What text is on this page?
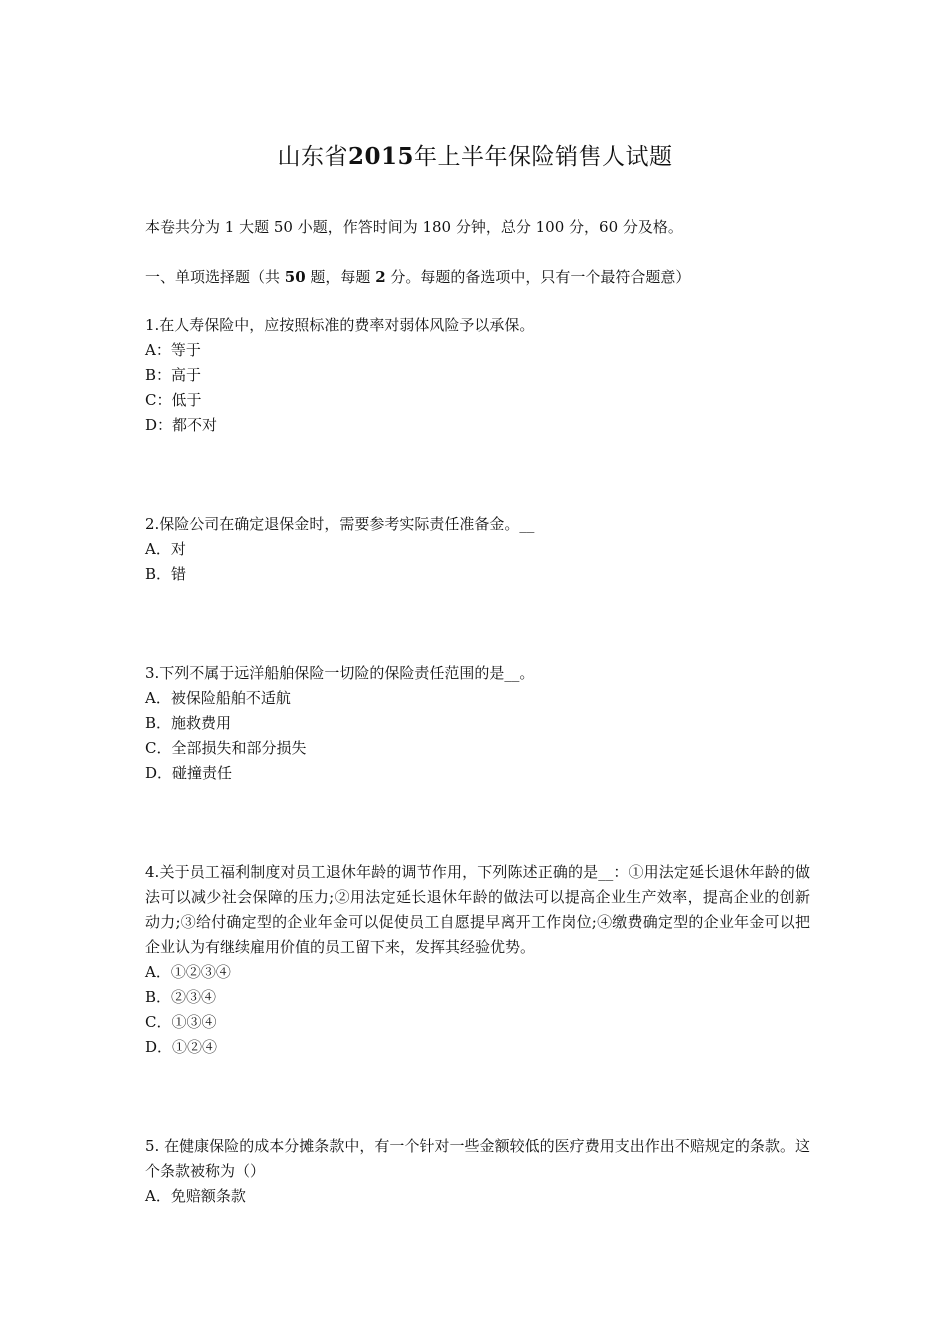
山东省2015年上半年保险销售人试题
本卷共分为 1 大题 50 小题，作答时间为 180 分钟，总分 100 分，60 分及格。
一、单项选择题（共 50 题，每题 2 分。每题的备选项中，只有一个最符合题意）
1.在人寿保险中，应按照标准的费率对弱体风险予以承保。
A：等于
B：高于
C：低于
D：都不对
2.保险公司在确定退保金时，需要参考实际责任准备金。__
A．对
B．错
3.下列不属于远洋船舶保险一切险的保险责任范围的是__。
A．被保险船舶不适航
B．施救费用
C．全部损失和部分损失
D．碰撞责任
4.关于员工福利制度对员工退休年龄的调节作用，下列陈述正确的是__：①用法定延长退休年龄的做法可以减少社会保障的压力;②用法定延长退休年龄的做法可以提高企业生产效率，提高企业的创新动力;③给付确定型的企业年金可以促使员工自愿提早离开工作岗位;④缴费确定型的企业年金可以把企业认为有继续雇用价值的员工留下来，发挥其经验优势。
A．①②③④
B．②③④
C．①③④
D．①②④
5. 在健康保险的成本分摊条款中，有一个针对一些金额较低的医疗费用支出作出不赔规定的条款。这个条款被称为（）
A．免赔额条款
